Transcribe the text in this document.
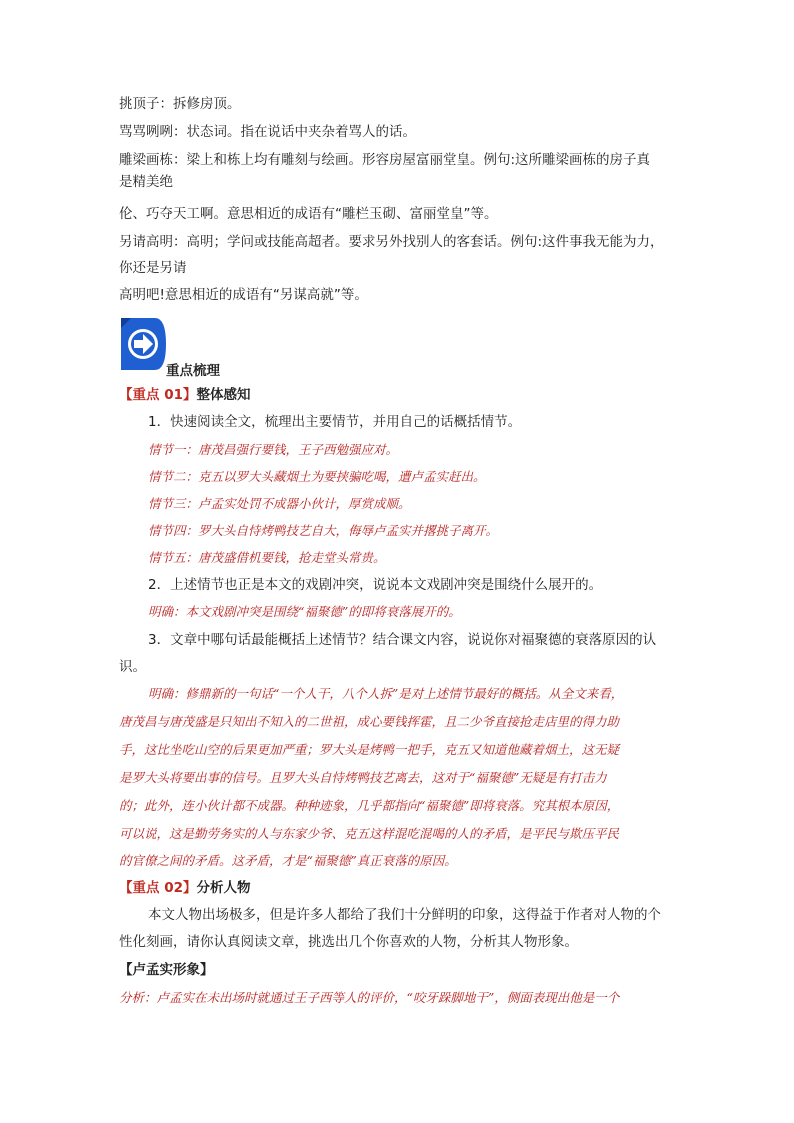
挑顶子：拆修房顶。
骂骂咧咧：状态词。指在说话中夹杂着骂人的话。
雕梁画栋：梁上和栋上均有雕刻与绘画。形容房屋富丽堂皇。例句:这所雕梁画栋的房子真
是精美绝
伦、巧夺天工啊。意思相近的成语有“雕栏玉砌、富丽堂皇”等。
另请高明：高明；学问或技能高超者。要求另外找别人的客套话。例句:这件事我无能为力，
你还是另请
高明吧!意思相近的成语有“另谋高就”等。
重点梳理
【重点 01】整体感知
1．快速阅读全文，梳理出主要情节，并用自己的话概括情节。
情节一：唐茂昌强行要钱，王子西勉强应对。
情节二：克五以罗大头藏烟土为要挟骗吃喝，遭卢孟实赶出。
情节三：卢孟实处罚不成器小伙计，厚赏成顺。
情节四：罗大头自恃烤鸭技艺自大，侮辱卢孟实并撂挑子离开。
情节五：唐茂盛借机要钱，抢走堂头常贵。
2．上述情节也正是本文的戏剧冲突，说说本文戏剧冲突是围绕什么展开的。
明确：本文戏剧冲突是围绕“福聚德”的即将衰落展开的。
3．文章中哪句话最能概括上述情节？结合课文内容，说说你对福聚德的衰落原因的认
识。
明确：修鼎新的一句话“一个人干，八个人拆”是对上述情节最好的概括。从全文来看，
唐茂昌与唐茂盛是只知出不知入的二世祖，成心要钱挥霍，且二少爷直接抢走店里的得力助
手，这比坐吃山空的后果更加严重；罗大头是烤鸭一把手，克五又知道他藏着烟土，这无疑
是罗大头将要出事的信号。且罗大头自恃烤鸭技艺离去，这对于“福聚德”无疑是有打击力
的；此外，连小伙计都不成器。种种迹象，几乎都指向“福聚德”即将衰落。究其根本原因，
可以说，这是勤劳务实的人与东家少爷、克五这样混吃混喝的人的矛盾，是平民与欺压平民
的官僚之间的矛盾。这矛盾，才是“福聚德”真正衰落的原因。
【重点 02】分析人物
本文人物出场极多，但是许多人都给了我们十分鲜明的印象，这得益于作者对人物的个
性化刻画，请你认真阅读文章，挑选出几个你喜欢的人物，分析其人物形象。
【卢孟实形象】
分析：卢孟实在未出场时就通过王子西等人的评价，“咬牙跺脚地干”，侧面表现出他是一个
